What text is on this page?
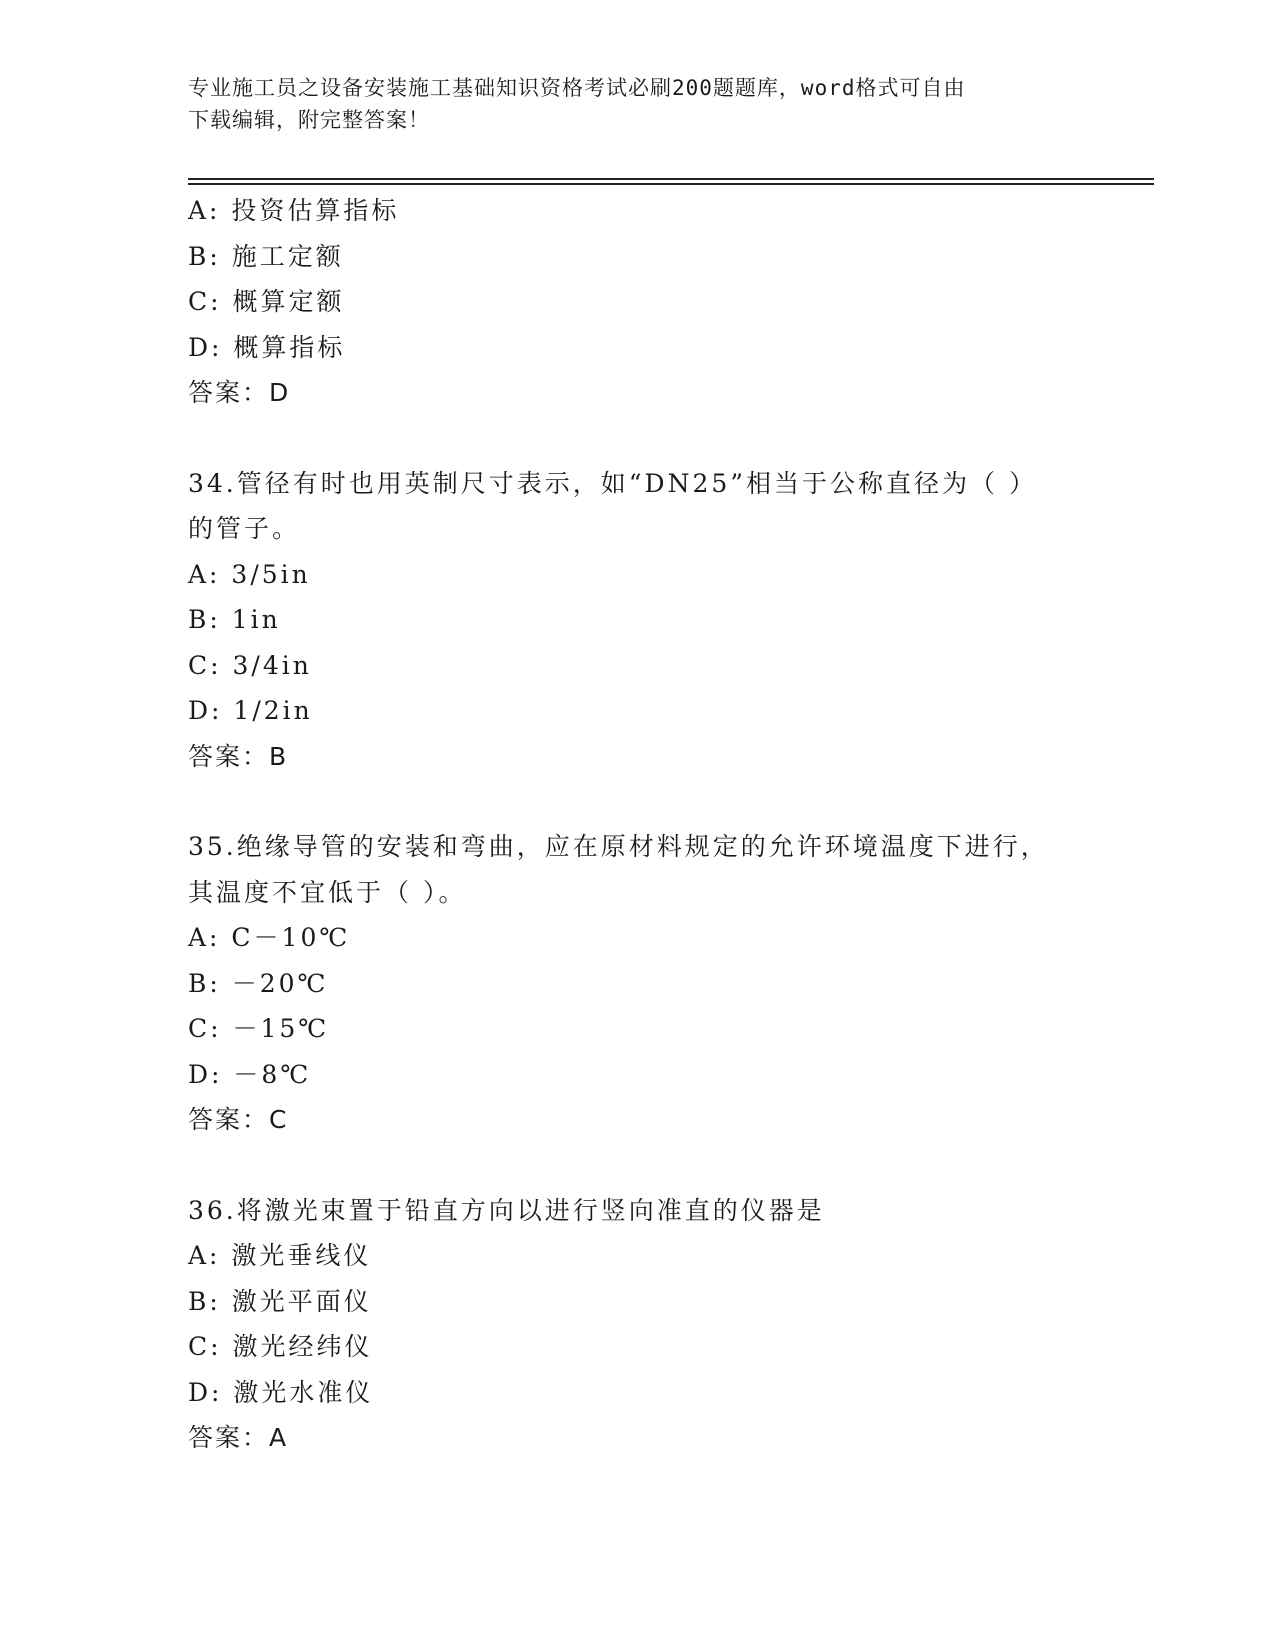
专业施工员之设备安装施工基础知识资格考试必刷200题题库，word格式可自由
下载编辑，附完整答案！
A: 投资估算指标
B: 施工定额
C: 概算定额
D: 概算指标
答案：D
34.管径有时也用英制尺寸表示，如“DN25”相当于公称直径为（ ）
的管子。
A: 3/5in
B: 1in
C: 3/4in
D: 1/2in
答案：B
35.绝缘导管的安装和弯曲，应在原材料规定的允许环境温度下进行，
其温度不宜低于（ ）。
A: C－10℃
B: －20℃
C: －15℃
D: －8℃
答案：C
36.将激光束置于铅直方向以进行竖向准直的仪器是
A: 激光垂线仪
B: 激光平面仪
C: 激光经纬仪
D: 激光水准仪
答案：A
